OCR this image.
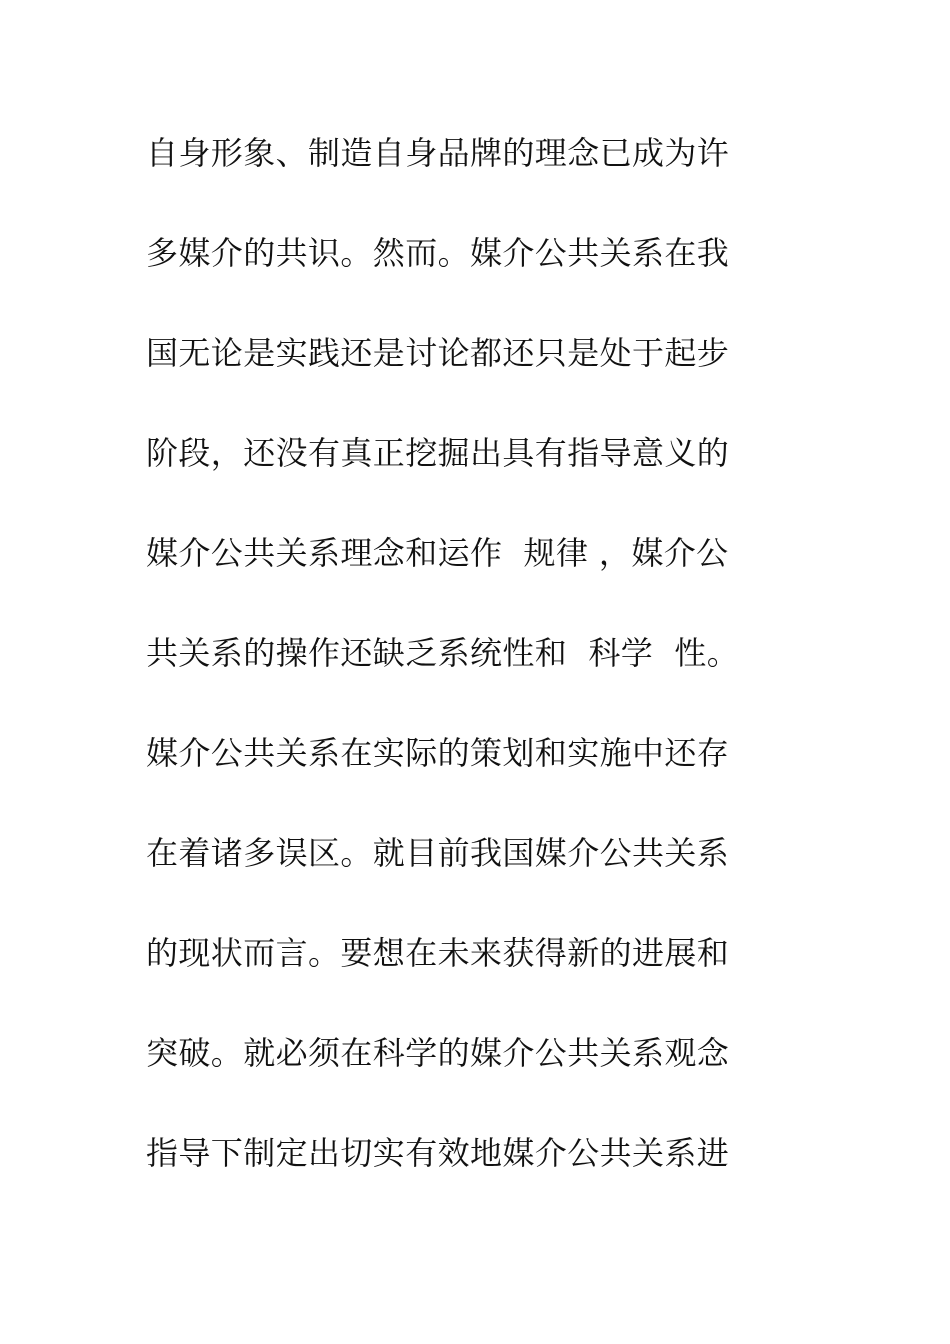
自身形象、制造自身品牌的理念已成为许
多媒介的共识。然而。媒介公共关系在我
国无论是实践还是讨论都还只是处于起步
阶段，还没有真正挖掘出具有指导意义的
媒介公共关系理念和运作  规律 ，媒介公
共关系的操作还缺乏系统性和  科学  性。
媒介公共关系在实际的策划和实施中还存
在着诸多误区。就目前我国媒介公共关系
的现状而言。要想在未来获得新的进展和
突破。就必须在科学的媒介公共关系观念
指导下制定出切实有效地媒介公共关系进
